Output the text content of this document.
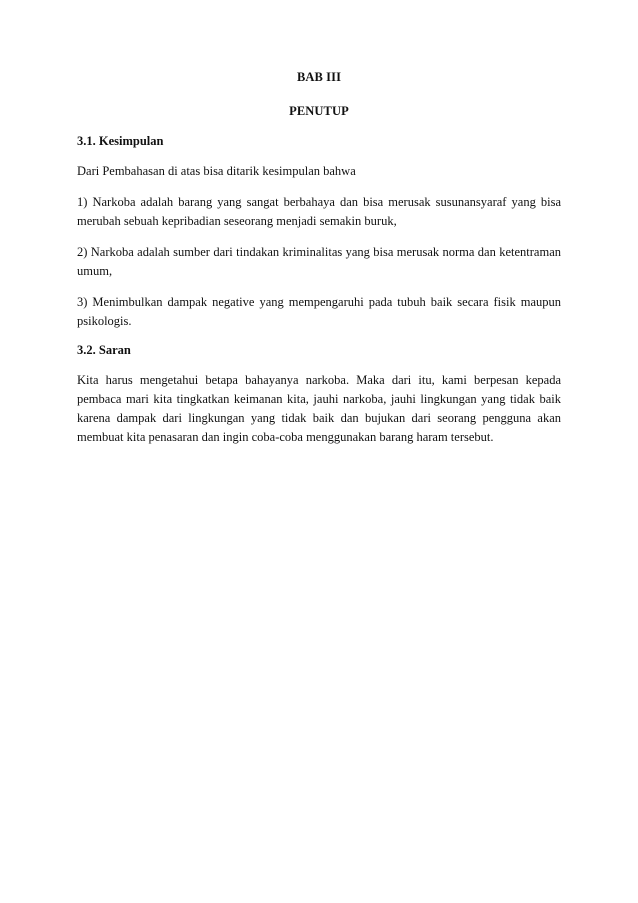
BAB III
PENUTUP
3.1. Kesimpulan

Dari Pembahasan di atas bisa ditarik kesimpulan bahwa

1) Narkoba adalah barang yang sangat berbahaya dan bisa merusak susunansyaraf yang bisa merubah sebuah kepribadian seseorang menjadi semakin buruk,

2) Narkoba adalah sumber dari tindakan kriminalitas yang bisa merusak norma dan ketentraman umum,

3) Menimbulkan dampak negative yang mempengaruhi pada tubuh baik secara fisik maupun psikologis.

3.2. Saran

Kita harus mengetahui betapa bahayanya narkoba. Maka dari itu, kami berpesan kepada pembaca mari kita tingkatkan keimanan kita, jauhi narkoba, jauhi lingkungan yang tidak baik karena dampak dari lingkungan yang tidak baik dan bujukan dari seorang pengguna akan membuat kita penasaran dan ingin coba-coba menggunakan barang haram tersebut.
